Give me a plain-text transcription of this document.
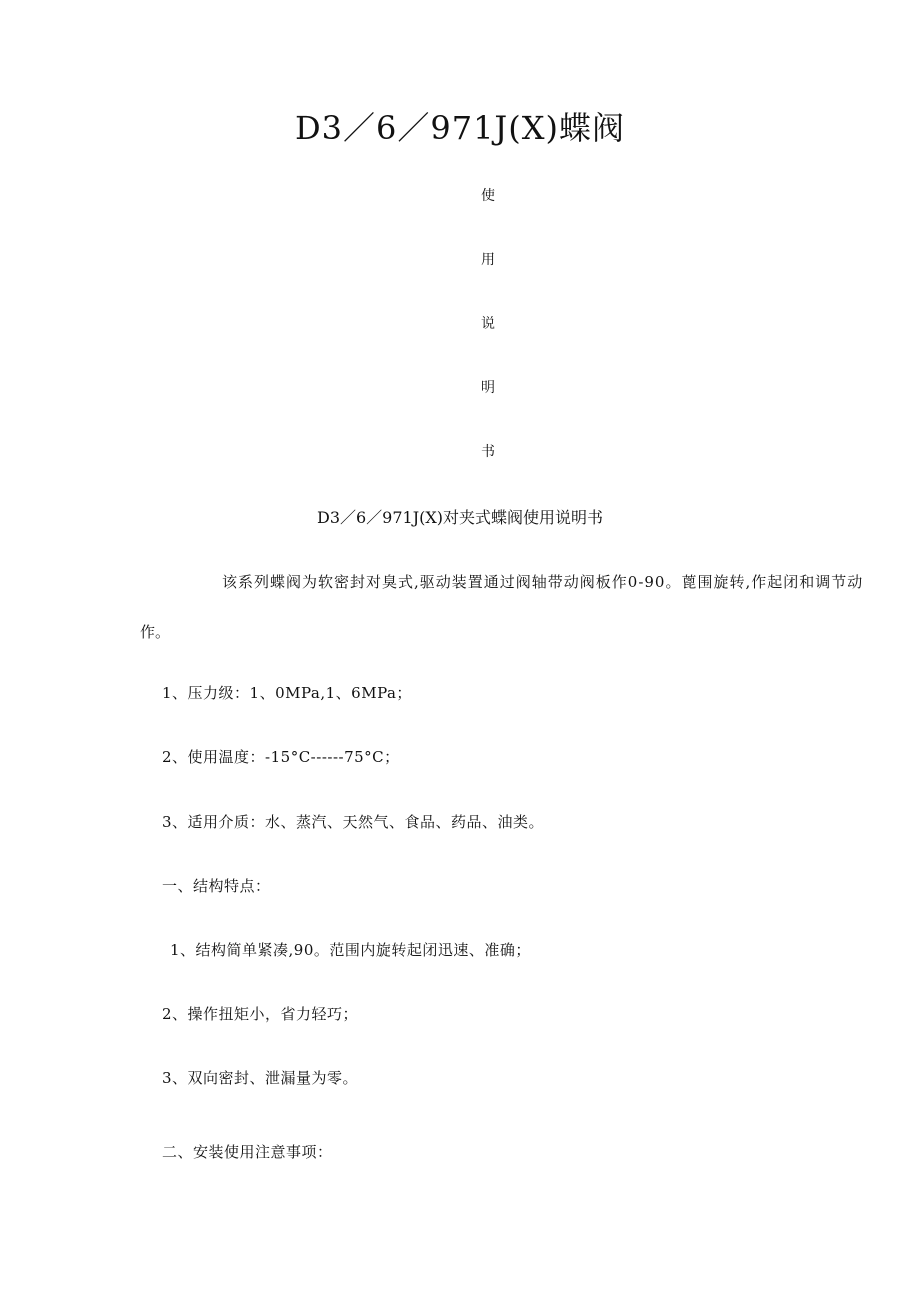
D3／6／971J(X)蝶阀
使
用
说
明
书
D3／6／971J(X)对夹式蝶阀使用说明书
该系列蝶阀为软密封对臭式,驱动装置通过阀轴带动阀板作0-90。蓖围旋转,作起闭和调节动
作。
1、压力级：1、0MPa,1、6MPa；
2、使用温度：-15°C------75°C；
3、适用介质：水、蒸汽、天然气、食品、药品、油类。
一、结构特点：
1、结构简单紧凑,90。范围内旋转起闭迅速、准确；
2、操作扭矩小，省力轻巧；
3、双向密封、泄漏量为零。
二、安装使用注意事项：
